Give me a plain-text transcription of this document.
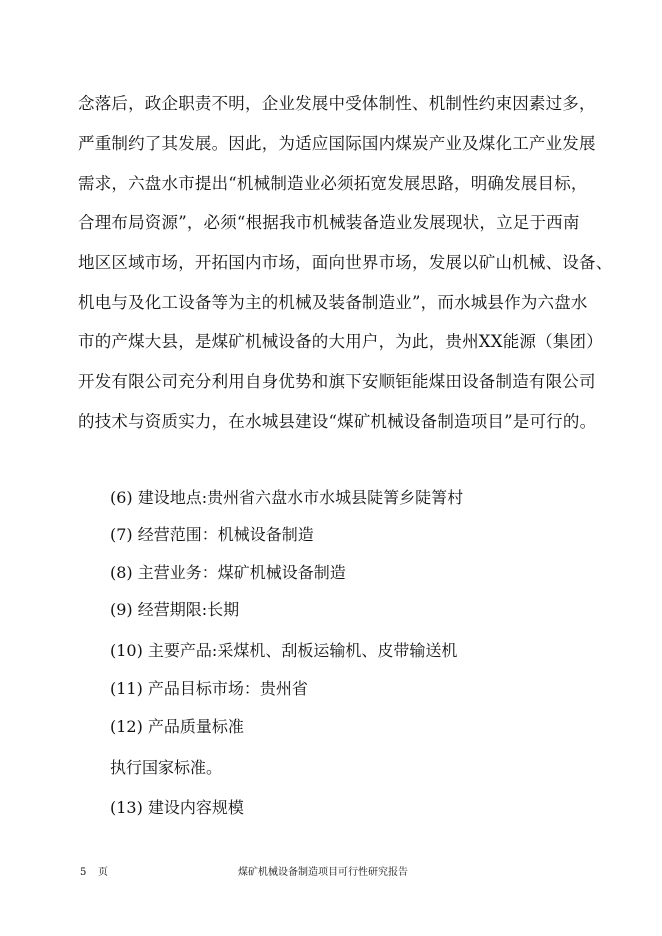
念落后，政企职责不明，企业发展中受体制性、机制性约束因素过多，
严重制约了其发展。因此，为适应国际国内煤炭产业及煤化工产业发展
需求，六盘水市提出“机械制造业必须拓宽发展思路，明确发展目标，
合理布局资源”，必须“根据我市机械装备造业发展现状，立足于西南
地区区域市场，开拓国内市场，面向世界市场，发展以矿山机械、设备、
机电与及化工设备等为主的机械及装备制造业”，而水城县作为六盘水
市的产煤大县，是煤矿机械设备的大用户，为此，贵州XX能源（集团）
开发有限公司充分利用自身优势和旗下安顺钜能煤田设备制造有限公司
的技术与资质实力，在水城县建设“煤矿机械设备制造项目”是可行的。
(6) 建设地点:贵州省六盘水市水城县陡箐乡陡箐村
(7) 经营范围：机械设备制造
(8) 主营业务：煤矿机械设备制造
(9) 经营期限:长期
(10) 主要产品:采煤机、刮板运输机、皮带输送机
(11) 产品目标市场：贵州省
(12) 产品质量标准
执行国家标准。
(13) 建设内容规模
5 页	煤矿机械设备制造项目可行性研究报告
